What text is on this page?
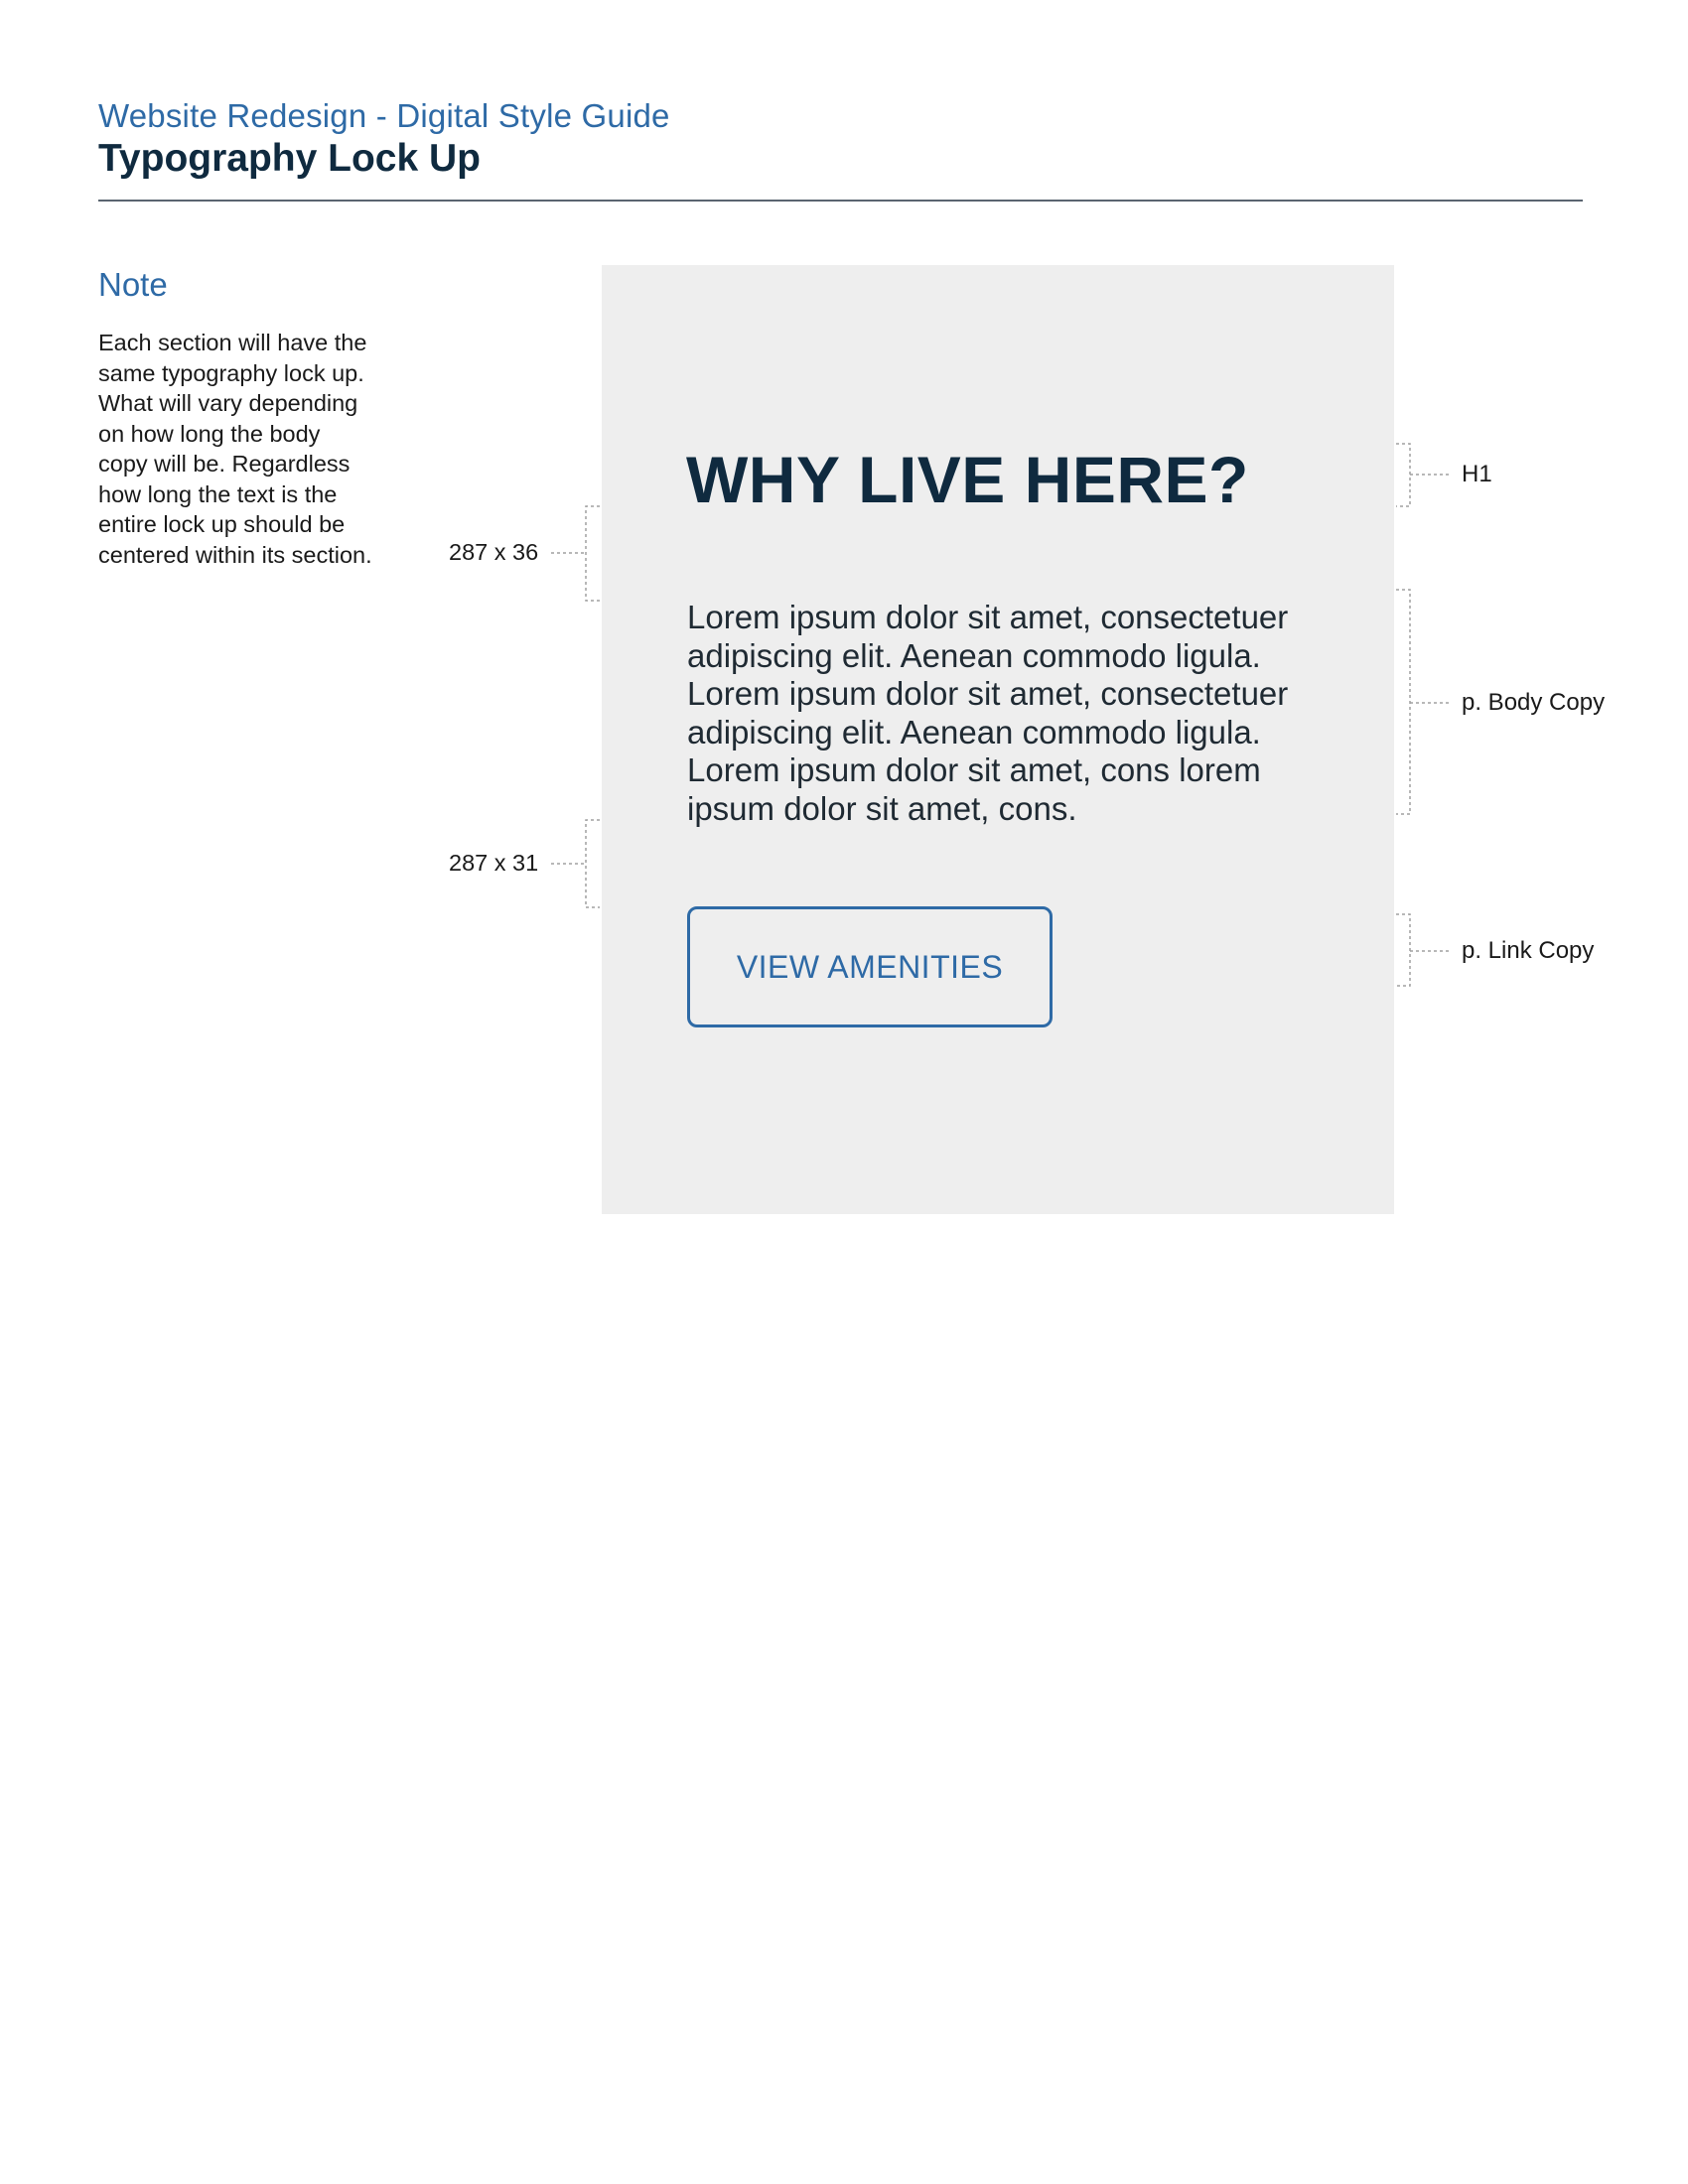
Website Redesign - Digital Style Guide
Typography Lock Up
Note
Each section will have the
same typography lock up.
What will vary depending
on how long the body
copy will be. Regardless
how long the text is the
entire lock up should be
centered within its section.
WHY LIVE HERE?
Lorem ipsum dolor sit amet, consectetuer
adipiscing elit. Aenean commodo ligula.
Lorem ipsum dolor sit amet, consectetuer
adipiscing elit. Aenean commodo ligula.
Lorem ipsum dolor sit amet, cons lorem
ipsum dolor sit amet, cons.
VIEW AMENITIES
287 x 36
287 x 31
H1
p. Body Copy
p. Link Copy
